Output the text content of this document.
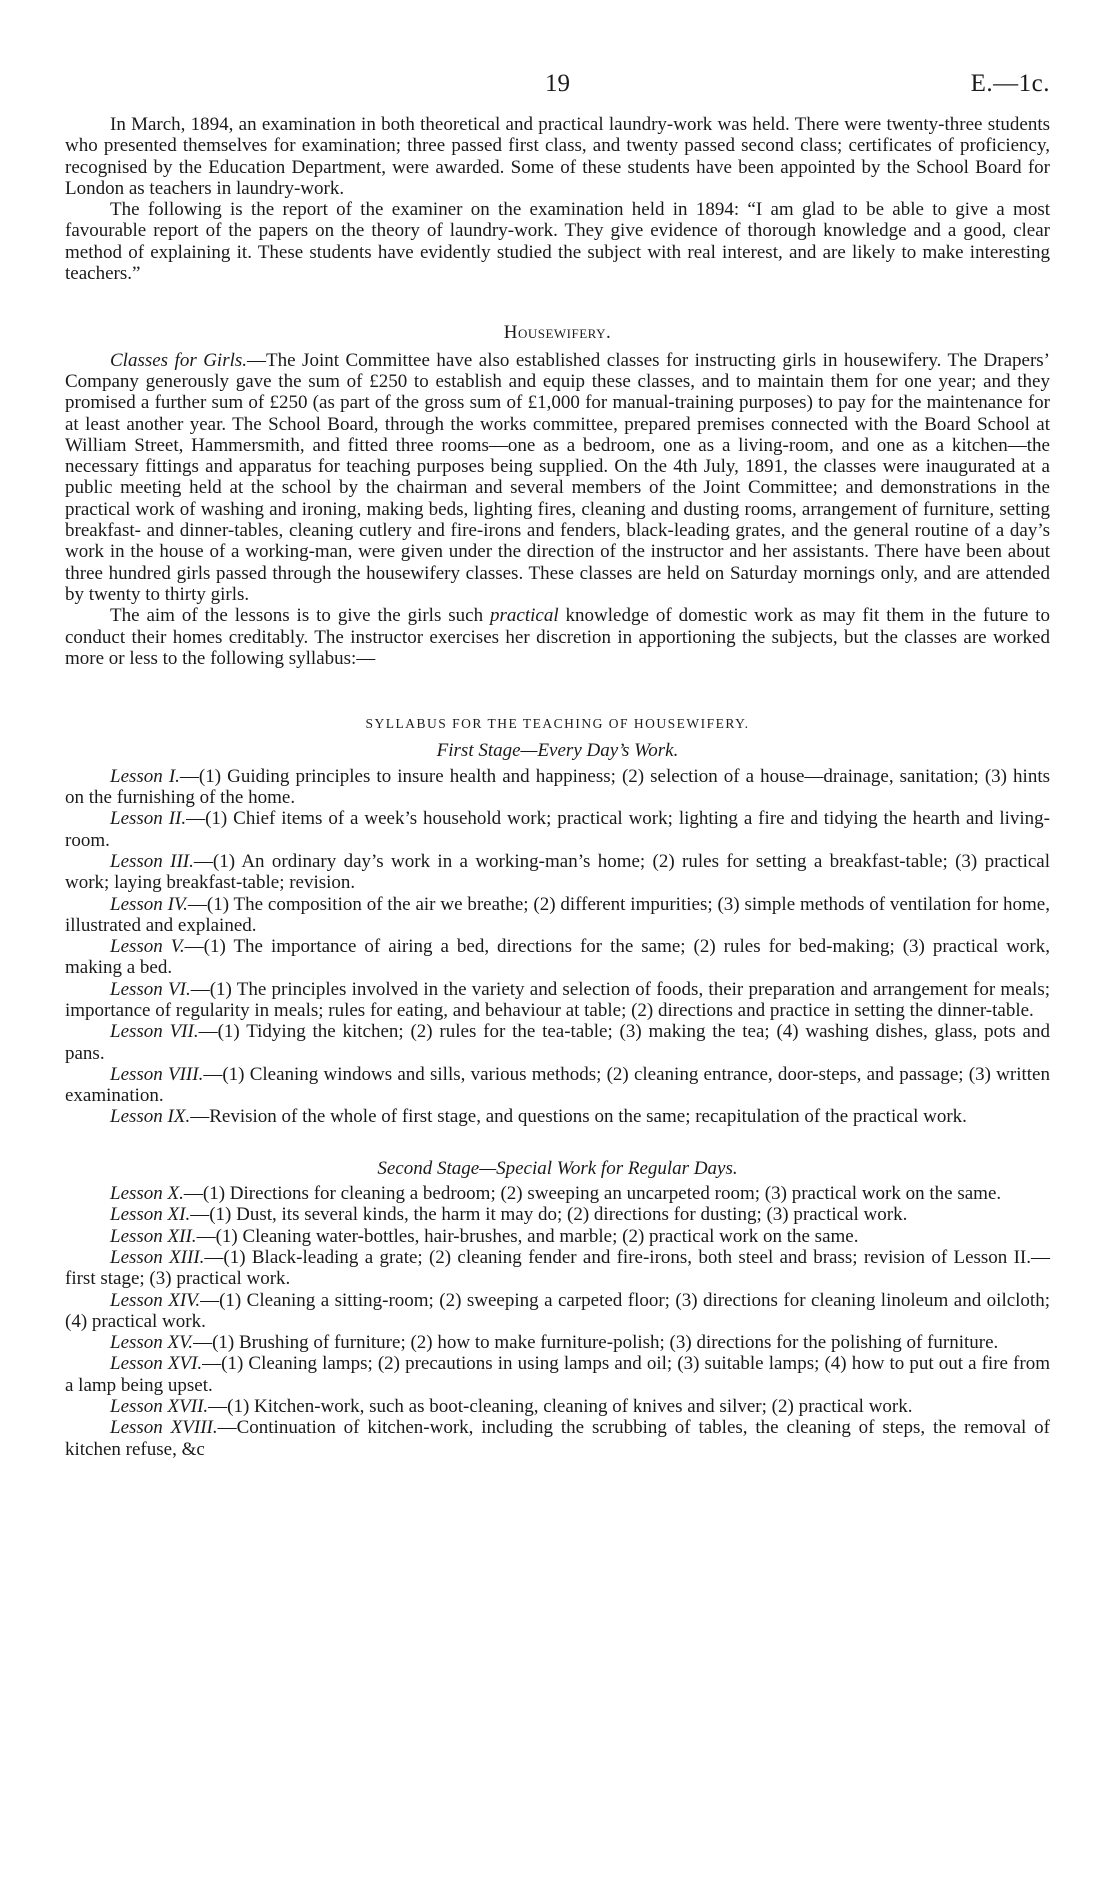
19	E.—1c.

In March, 1894, an examination in both theoretical and practical laundry-work was held. There were twenty-three students who presented themselves for examination; three passed first class, and twenty passed second class; certificates of proficiency, recognised by the Education Department, were awarded. Some of these students have been appointed by the School Board for London as teachers in laundry-work.

The following is the report of the examiner on the examination held in 1894: “I am glad to be able to give a most favourable report of the papers on the theory of laundry-work. They give evidence of thorough knowledge and a good, clear method of explaining it. These students have evidently studied the subject with real interest, and are likely to make interesting teachers.”

Housewifery.

Classes for Girls.—The Joint Committee have also established classes for instructing girls in housewifery. The Drapers’ Company generously gave the sum of £250 to establish and equip these classes, and to maintain them for one year; and they promised a further sum of £250 (as part of the gross sum of £1,000 for manual-training purposes) to pay for the maintenance for at least another year. The School Board, through the works committee, prepared premises connected with the Board School at William Street, Hammersmith, and fitted three rooms—one as a bedroom, one as a living-room, and one as a kitchen—the necessary fittings and apparatus for teaching purposes being supplied. On the 4th July, 1891, the classes were inaugurated at a public meeting held at the school by the chairman and several members of the Joint Committee; and demonstrations in the practical work of washing and ironing, making beds, lighting fires, cleaning and dusting rooms, arrangement of furniture, setting breakfast- and dinner-tables, cleaning cutlery and fire-irons and fenders, black-leading grates, and the general routine of a day’s work in the house of a working-man, were given under the direction of the instructor and her assistants. There have been about three hundred girls passed through the housewifery classes. These classes are held on Saturday mornings only, and are attended by twenty to thirty girls.

The aim of the lessons is to give the girls such practical knowledge of domestic work as may fit them in the future to conduct their homes creditably. The instructor exercises her discretion in apportioning the subjects, but the classes are worked more or less to the following syllabus:—

SYLLABUS FOR THE TEACHING OF HOUSEWIFERY.

First Stage—Every Day’s Work.

Lesson I.—(1) Guiding principles to insure health and happiness; (2) selection of a house—drainage, sanitation; (3) hints on the furnishing of the home.

Lesson II.—(1) Chief items of a week’s household work; practical work; lighting a fire and tidying the hearth and living-room.

Lesson III.—(1) An ordinary day’s work in a working-man’s home; (2) rules for setting a breakfast-table; (3) practical work; laying breakfast-table; revision.

Lesson IV.—(1) The composition of the air we breathe; (2) different impurities; (3) simple methods of ventilation for home, illustrated and explained.

Lesson V.—(1) The importance of airing a bed, directions for the same; (2) rules for bed-making; (3) practical work, making a bed.

Lesson VI.—(1) The principles involved in the variety and selection of foods, their preparation and arrangement for meals; importance of regularity in meals; rules for eating, and behaviour at table; (2) directions and practice in setting the dinner-table.

Lesson VII.—(1) Tidying the kitchen; (2) rules for the tea-table; (3) making the tea; (4) washing dishes, glass, pots and pans.

Lesson VIII.—(1) Cleaning windows and sills, various methods; (2) cleaning entrance, door-steps, and passage; (3) written examination.

Lesson IX.—Revision of the whole of first stage, and questions on the same; recapitulation of the practical work.

Second Stage—Special Work for Regular Days.

Lesson X.—(1) Directions for cleaning a bedroom; (2) sweeping an uncarpeted room; (3) practical work on the same.

Lesson XI.—(1) Dust, its several kinds, the harm it may do; (2) directions for dusting; (3) practical work.

Lesson XII.—(1) Cleaning water-bottles, hair-brushes, and marble; (2) practical work on the same.

Lesson XIII.—(1) Black-leading a grate; (2) cleaning fender and fire-irons, both steel and brass; revision of Lesson II.—first stage; (3) practical work.

Lesson XIV.—(1) Cleaning a sitting-room; (2) sweeping a carpeted floor; (3) directions for cleaning linoleum and oilcloth; (4) practical work.

Lesson XV.—(1) Brushing of furniture; (2) how to make furniture-polish; (3) directions for the polishing of furniture.

Lesson XVI.—(1) Cleaning lamps; (2) precautions in using lamps and oil; (3) suitable lamps; (4) how to put out a fire from a lamp being upset.

Lesson XVII.—(1) Kitchen-work, such as boot-cleaning, cleaning of knives and silver; (2) practical work.

Lesson XVIII.—Continuation of kitchen-work, including the scrubbing of tables, the cleaning of steps, the removal of kitchen refuse, &c
